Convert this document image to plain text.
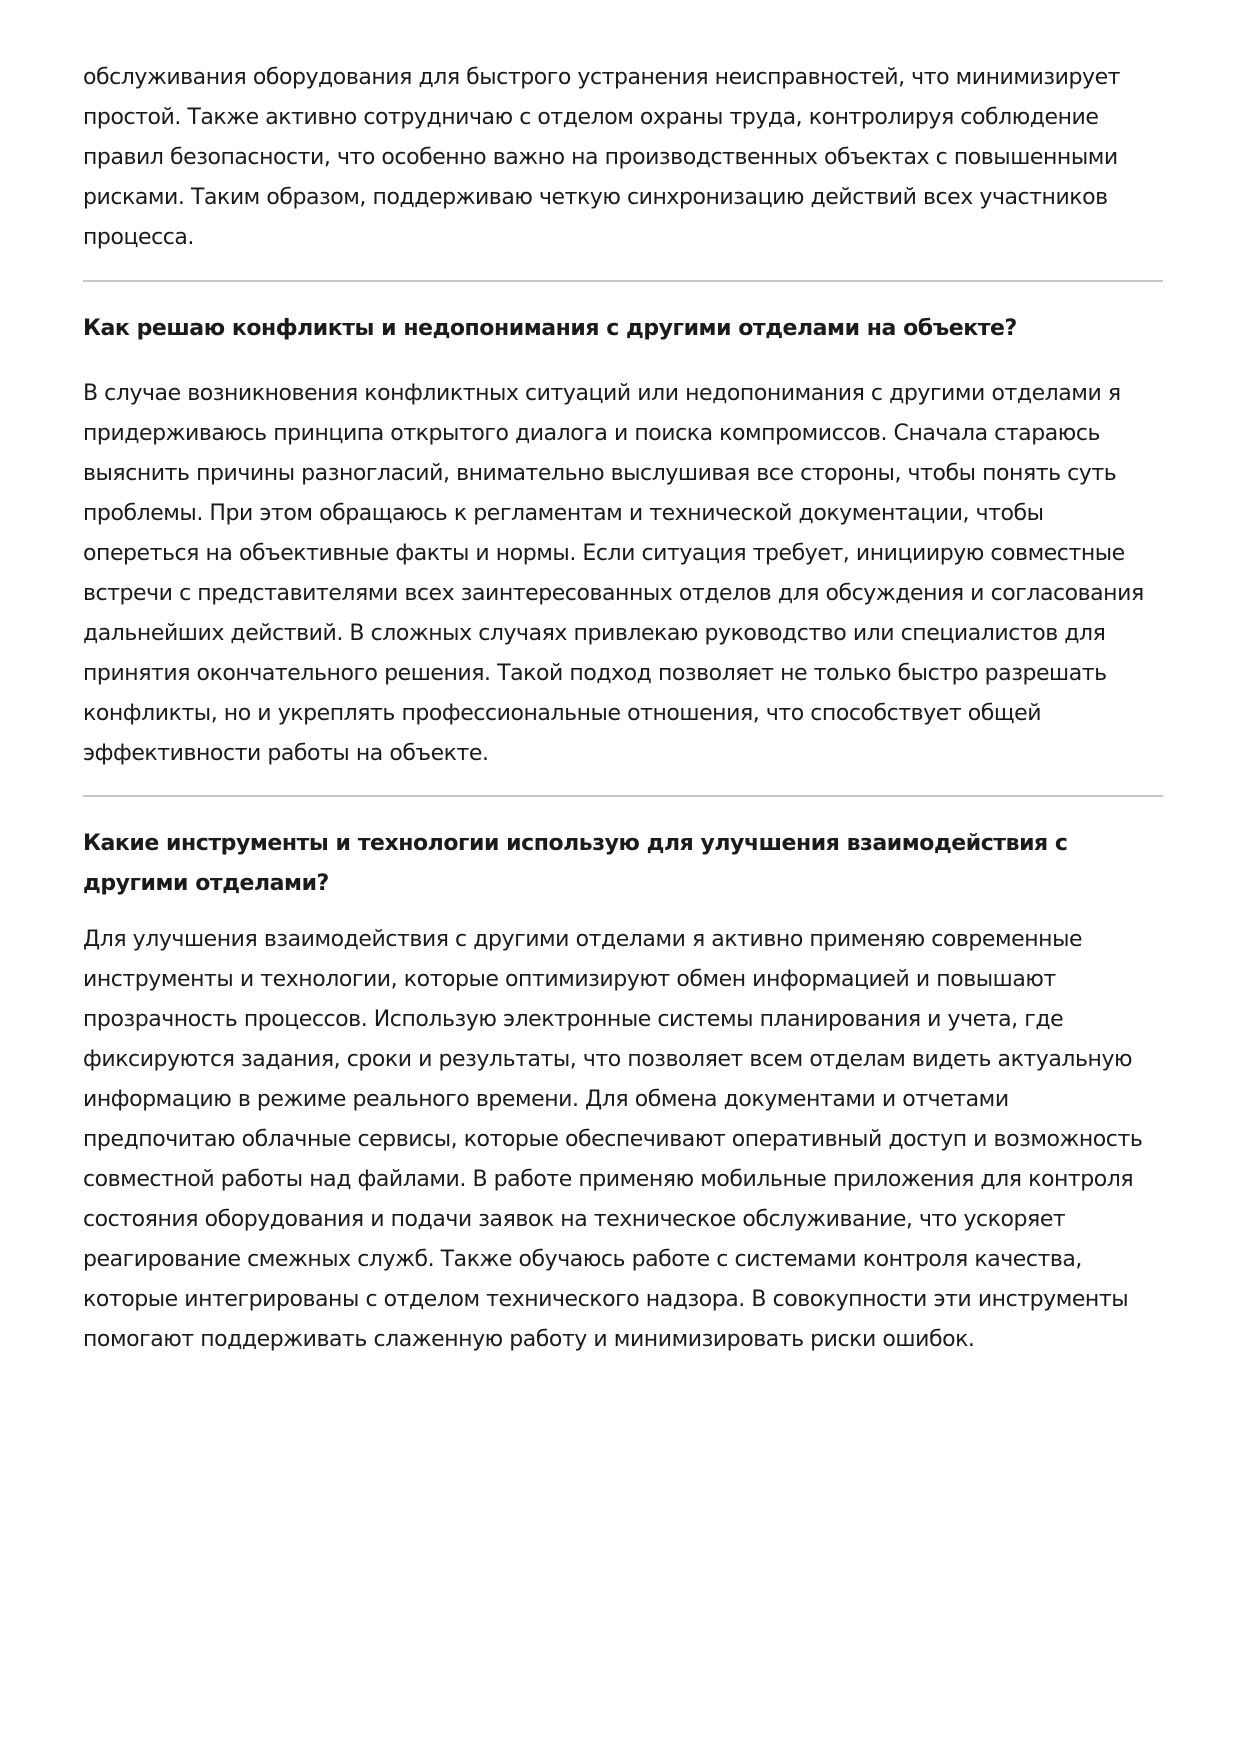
обслуживания оборудования для быстрого устранения неисправностей, что минимизирует простой. Также активно сотрудничаю с отделом охраны труда, контролируя соблюдение правил безопасности, что особенно важно на производственных объектах с повышенными рисками. Таким образом, поддерживаю четкую синхронизацию действий всех участников процесса.

Как решаю конфликты и недопонимания с другими отделами на объекте?

В случае возникновения конфликтных ситуаций или недопонимания с другими отделами я придерживаюсь принципа открытого диалога и поиска компромиссов. Сначала стараюсь выяснить причины разногласий, внимательно выслушивая все стороны, чтобы понять суть проблемы. При этом обращаюсь к регламентам и технической документации, чтобы опереться на объективные факты и нормы. Если ситуация требует, инициирую совместные встречи с представителями всех заинтересованных отделов для обсуждения и согласования дальнейших действий. В сложных случаях привлекаю руководство или специалистов для принятия окончательного решения. Такой подход позволяет не только быстро разрешать конфликты, но и укреплять профессиональные отношения, что способствует общей эффективности работы на объекте.

Какие инструменты и технологии использую для улучшения взаимодействия с другими отделами?

Для улучшения взаимодействия с другими отделами я активно применяю современные инструменты и технологии, которые оптимизируют обмен информацией и повышают прозрачность процессов. Использую электронные системы планирования и учета, где фиксируются задания, сроки и результаты, что позволяет всем отделам видеть актуальную информацию в режиме реального времени. Для обмена документами и отчетами предпочитаю облачные сервисы, которые обеспечивают оперативный доступ и возможность совместной работы над файлами. В работе применяю мобильные приложения для контроля состояния оборудования и подачи заявок на техническое обслуживание, что ускоряет реагирование смежных служб. Также обучаюсь работе с системами контроля качества, которые интегрированы с отделом технического надзора. В совокупности эти инструменты помогают поддерживать слаженную работу и минимизировать риски ошибок.
